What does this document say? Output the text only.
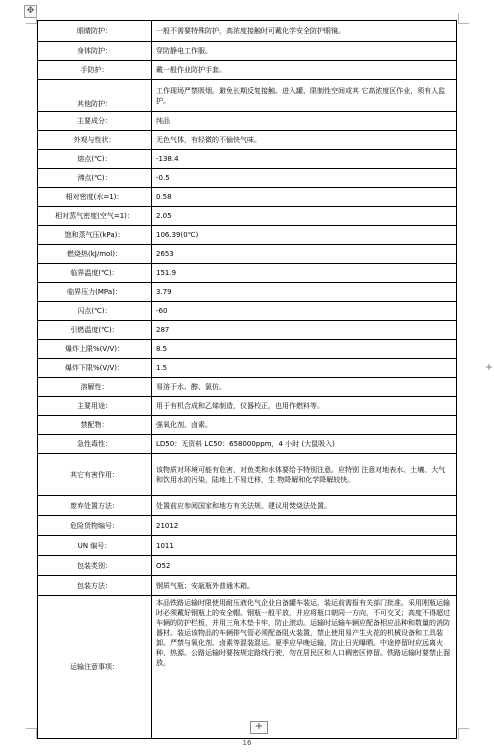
✥
+
眼睛防护：	一般不需要特殊防护，高浓度接触时可戴化学安全防护眼镜。
身体防护：	穿防静电工作服。
手防护：	戴一般作业防护手套。
其他防护：	工作现场严禁吸烟。避免长期反复接触。进入罐、限制性空间或其 它高浓度区作业，须有人监护。
主要成分：	纯品
外观与性状：	无色气体，有轻微的不愉快气味。
熔点(℃)：	-138.4
沸点(℃)：	-0.5
相对密度(水=1)：	0.58
相对蒸气密度(空气=1)：	2.05
饱和蒸气压(kPa)：	106.39(0℃)
燃烧热(kJ/mol)：	2653
临界温度(℃)：	151.9
临界压力(MPa)：	3.79
闪点(℃)：	-60
引燃温度(℃)：	287
爆炸上限%(V/V)：	8.5
爆炸下限%(V/V)：	1.5
溶解性：	易溶于水、醇、氯仿。
主要用途：	用于有机合成和乙烯制造，仪器校正，也用作燃料等。
禁配物：	强氧化剂、卤素。
急性毒性：	LD50：无资料 LC50：658000ppm，4 小时 (大鼠吸入)
其它有害作用：	该物质对环境可能有危害，对鱼类和水体要给予特别注意。应特别 注意对地表水、土壤、大气和饮用水的污染，陆地上不易迁移，生 物降解和化学降解较快。
废弃处置方法：	处置前应参阅国家和地方有关法规。建议用焚烧法处置。
危险货物编号：	21012
UN 编号：	1011
包装类别：	O52
包装方法：	钢质气瓶；安瓿瓶外普通木箱。
运输注意事项：	本品铁路运输时限使用耐压液化气企业自备罐车装运，装运前需报有关部门批准。采用刚瓶运输时必须戴好钢瓶上的安全帽。钢瓶一般平放，并应将瓶口朝同一方向，不可交叉；高度不得超过车辆的防护栏板，并用三角木垫卡牢，防止滚动。运输时运输车辆应配备相应品种和数量的消防器材。装运该物品的车辆排气管必须配备阻火装置，禁止使用易产生火花的机械设备和工具装卸。严禁与氧化剂、卤素等混装混运。夏季应早晚运输，防止日光曝晒。中途停留时应远离火种、热源。公路运输时要按规定路线行驶，勿在居民区和人口稠密区停留。铁路运输时要禁止溜放。
+
16
